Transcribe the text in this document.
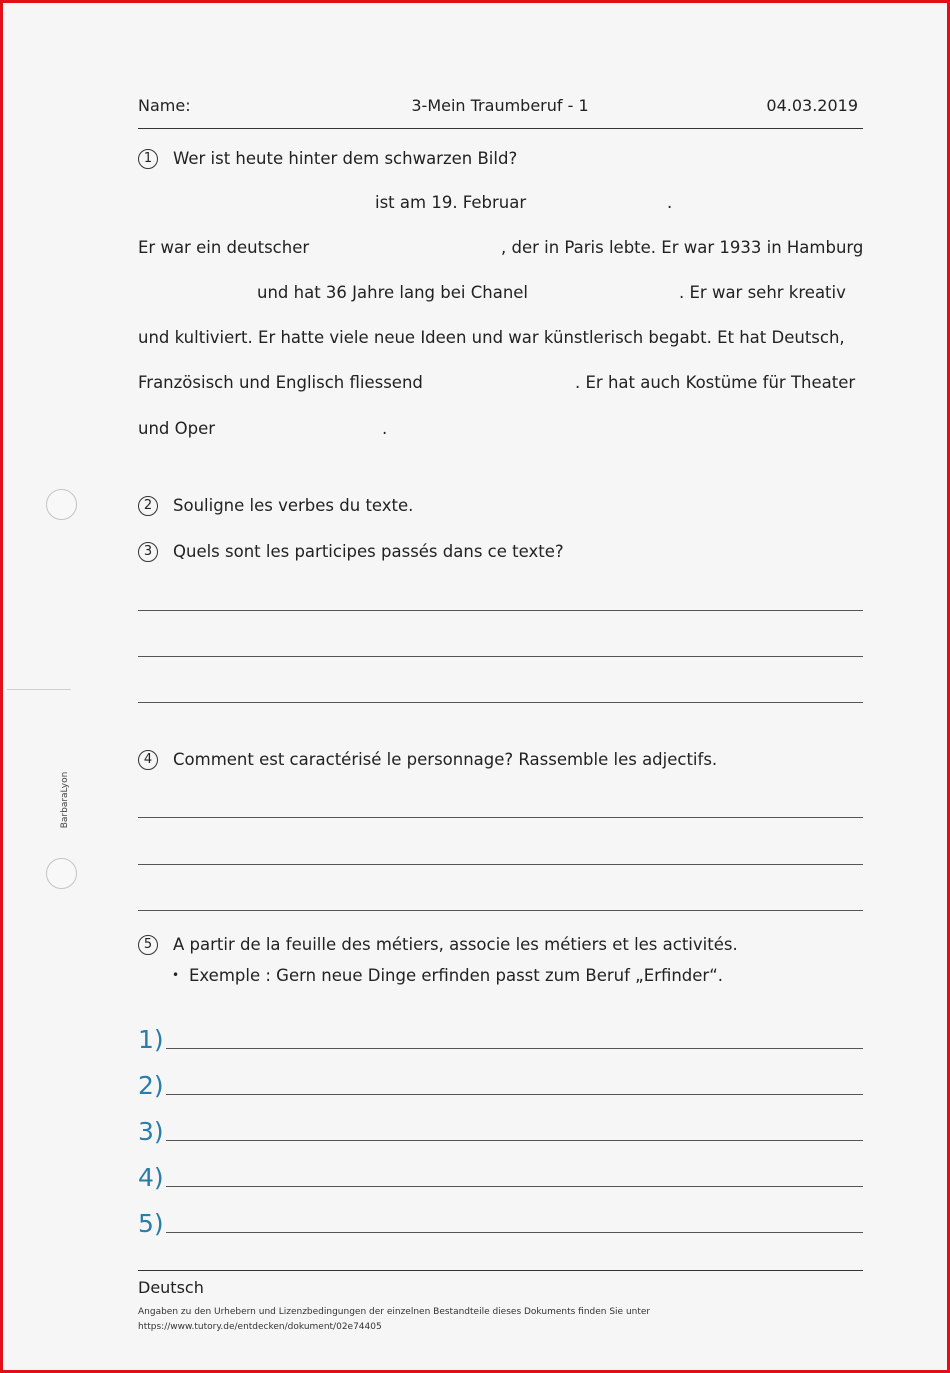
BarbaraLyon
Name:	3-Mein Traumberuf - 1	04.03.2019
1	Wer ist heute hinter dem schwarzen Bild?
ist am 19. Februar	.
Er war ein deutscher	, der in Paris lebte. Er war 1933 in Hamburg
und hat 36 Jahre lang bei Chanel	. Er war sehr kreativ
und kultiviert. Er hatte viele neue Ideen und war künstlerisch begabt. Et hat Deutsch,
Französisch und Englisch fliessend	. Er hat auch Kostüme für Theater
und Oper	.
2	Souligne les verbes du texte.
3	Quels sont les participes passés dans ce texte?
4	Comment est caractérisé le personnage? Rassemble les adjectifs.
5	A partir de la feuille des métiers, associe les métiers et les activités.
• Exemple : Gern neue Dinge erfinden passt zum Beruf „Erfinder“.
1)
2)
3)
4)
5)
Deutsch
Angaben zu den Urhebern und Lizenzbedingungen der einzelnen Bestandteile dieses Dokuments finden Sie unter
https://www.tutory.de/entdecken/dokument/02e74405
